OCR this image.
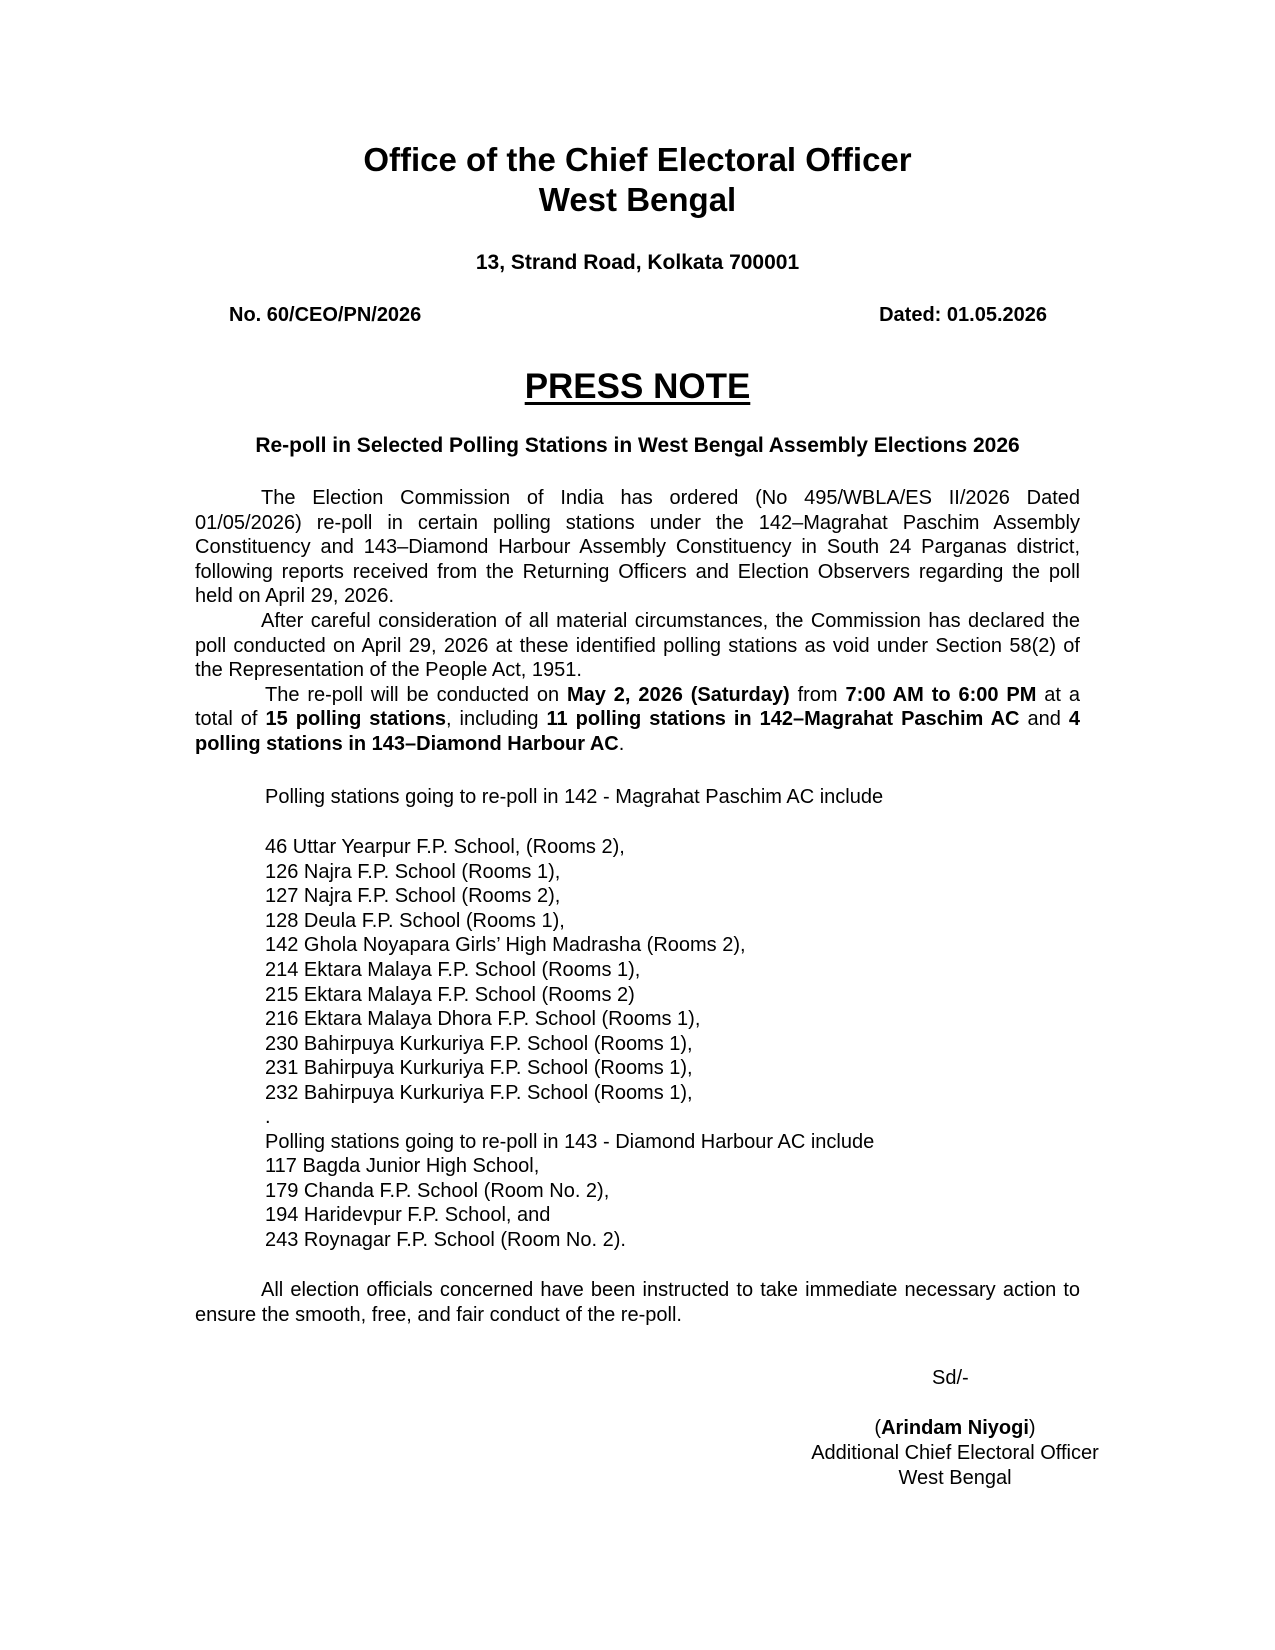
Office of the Chief Electoral Officer
West Bengal
13, Strand Road, Kolkata 700001
No. 60/CEO/PN/2026	Dated: 01.05.2026
PRESS NOTE
Re-poll in Selected Polling Stations in West Bengal Assembly Elections 2026

The Election Commission of India has ordered (No 495/WBLA/ES II/2026 Dated 01/05/2026) re-poll in certain polling stations under the 142–Magrahat Paschim Assembly Constituency and 143–Diamond Harbour Assembly Constituency in South 24 Parganas district, following reports received from the Returning Officers and Election Observers regarding the poll held on April 29, 2026.

After careful consideration of all material circumstances, the Commission has declared the poll conducted on April 29, 2026 at these identified polling stations as void under Section 58(2) of the Representation of the People Act, 1951.

The re-poll will be conducted on May 2, 2026 (Saturday) from 7:00 AM to 6:00 PM at a total of 15 polling stations, including 11 polling stations in 142–Magrahat Paschim AC and 4 polling stations in 143–Diamond Harbour AC.

Polling stations going to re-poll in 142 - Magrahat Paschim AC include
46 Uttar Yearpur F.P. School, (Rooms 2),
126 Najra F.P. School (Rooms 1),
127 Najra F.P. School (Rooms 2),
128 Deula F.P. School (Rooms 1),
142 Ghola Noyapara Girls’ High Madrasha (Rooms 2),
214 Ektara Malaya F.P. School (Rooms 1),
215 Ektara Malaya F.P. School (Rooms 2)
216 Ektara Malaya Dhora F.P. School (Rooms 1),
230 Bahirpuya Kurkuriya F.P. School (Rooms 1),
231 Bahirpuya Kurkuriya F.P. School (Rooms 1),
232 Bahirpuya Kurkuriya F.P. School (Rooms 1),
.
Polling stations going to re-poll in 143 - Diamond Harbour AC include
117 Bagda Junior High School,
179 Chanda F.P. School (Room No. 2),
194 Haridevpur F.P. School, and
243 Roynagar F.P. School (Room No. 2).

All election officials concerned have been instructed to take immediate necessary action to ensure the smooth, free, and fair conduct of the re-poll.

Sd/-
(Arindam Niyogi)
Additional Chief Electoral Officer
West Bengal
